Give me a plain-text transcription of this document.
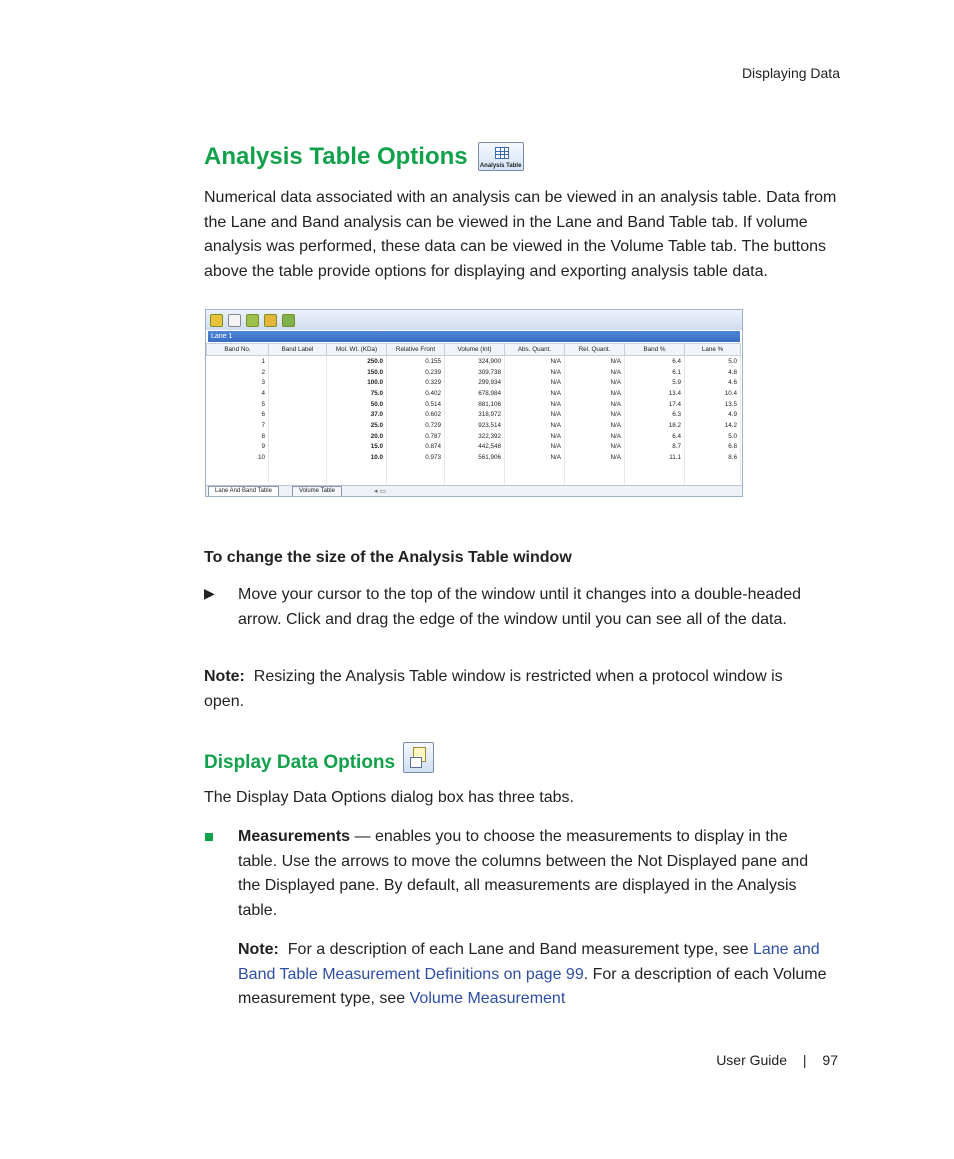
Displaying Data
Analysis Table Options Analysis Table

Numerical data associated with an analysis can be viewed in an analysis table. Data from the Lane and Band analysis can be viewed in the Lane and Band Table tab. If volume analysis was performed, these data can be viewed in the Volume Table tab. The buttons above the table provide options for displaying and exporting analysis table data.

Lane 1
Band No.	Band Label	Mol. Wt. (KDa)	Relative Front	Volume (Int)	Abs. Quant.	Rel. Quant.	Band %	Lane %
1		250.0	0.155	324,900	N/A	N/A	6.4	5.0
2		150.0	0.239	309,738	N/A	N/A	6.1	4.8
3		100.0	0.329	299,934	N/A	N/A	5.9	4.6
4		75.0	0.402	678,984	N/A	N/A	13.4	10.4
5		50.0	0.514	881,106	N/A	N/A	17.4	13.5
6		37.0	0.602	318,972	N/A	N/A	6.3	4.9
7		25.0	0.729	923,514	N/A	N/A	18.2	14.2
8		20.0	0.787	322,392	N/A	N/A	6.4	5.0
9		15.0	0.874	442,548	N/A	N/A	8.7	6.8
10		10.0	0.973	561,906	N/A	N/A	11.1	8.6

Lane And Band Table	Volume Table	◂ ▭
To change the size of the Analysis Table window
▶ Move your cursor to the top of the window until it changes into a double-headed arrow. Click and drag the edge of the window until you can see all of the data.

Note: Resizing the Analysis Table window is restricted when a protocol window is open.

Display Data Options

The Display Data Options dialog box has three tabs.

Measurements — enables you to choose the measurements to display in the table. Use the arrows to move the columns between the Not Displayed pane and the Displayed pane. By default, all measurements are displayed in the Analysis table.

Note: For a description of each Lane and Band measurement type, see Lane and Band Table Measurement Definitions on page 99. For a description of each Volume measurement type, see Volume Measurement

User Guide | 97
